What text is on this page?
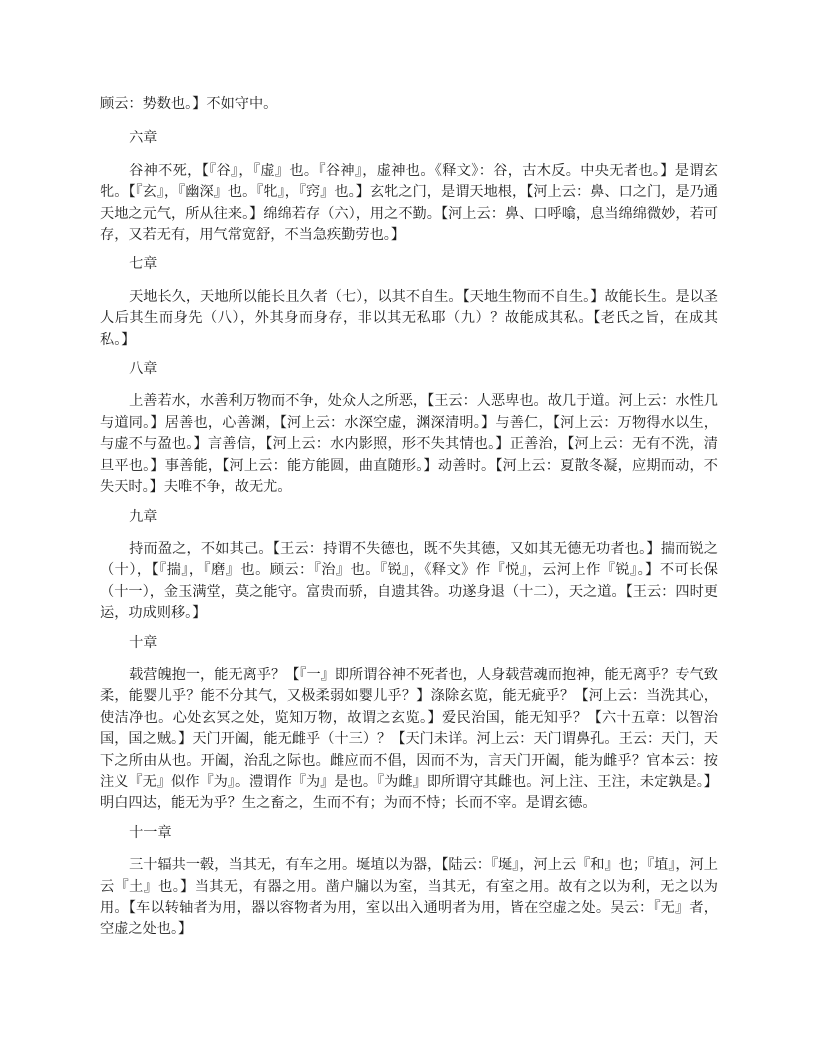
顾云：势数也。】不如守中。

六章

谷神不死，【『谷』，『虚』也。『谷神』，虚神也。《释文》：谷，古木反。中央无者也。】是谓玄牝。【『玄』，『幽深』也。『牝』，『窍』也。】玄牝之门，是谓天地根，【河上云：鼻、口之门，是乃通天地之元气，所从往来。】绵绵若存（六），用之不勤。【河上云：鼻、口呼噏，息当绵绵微妙，若可存，又若无有，用气常宽舒，不当急疾勤劳也。】

七章

天地长久，天地所以能长且久者（七），以其不自生。【天地生物而不自生。】故能长生。是以圣人后其生而身先（八），外其身而身存，非以其无私耶（九）？故能成其私。【老氏之旨，在成其私。】

八章

上善若水，水善利万物而不争，处众人之所恶，【王云：人恶卑也。故几于道。河上云：水性几与道同。】居善也，心善渊，【河上云：水深空虚，渊深清明。】与善仁，【河上云：万物得水以生，与虚不与盈也。】言善信，【河上云：水内影照，形不失其情也。】正善治，【河上云：无有不洗，清旦平也。】事善能，【河上云：能方能圆，曲直随形。】动善时。【河上云：夏散冬凝，应期而动，不失天时。】夫唯不争，故无尤。

九章

持而盈之，不如其己。【王云：持谓不失德也，既不失其德，又如其无德无功者也。】揣而锐之（十），【『揣』，『磨』也。顾云：『治』也。『锐』，《释文》作『悦』，云河上作『锐』。】不可长保（十一），金玉满堂，莫之能守。富贵而骄，自遗其咎。功遂身退（十二），天之道。【王云：四时更运，功成则移。】

十章

载营魄抱一，能无离乎？【『一』即所谓谷神不死者也，人身载营魂而抱神，能无离乎？专气致柔，能婴儿乎？能不分其气，又极柔弱如婴儿乎？】涤除玄览，能无疵乎？【河上云：当洗其心，使洁净也。心处玄冥之处，览知万物，故谓之玄览。】爱民治国，能无知乎？【六十五章：以智治国，国之贼。】天门开阖，能无雌乎（十三）？【天门未详。河上云：天门谓鼻孔。王云：天门，天下之所由从也。开阖，治乱之际也。雌应而不倡，因而不为，言天门开阖，能为雌乎？官本云：按注义『无』似作『为』。澧谓作『为』是也。『为雌』即所谓守其雌也。河上注、王注，未定孰是。】明白四达，能无为乎？生之畜之，生而不有；为而不恃；长而不宰。是谓玄德。

十一章

三十辐共一毂，当其无，有车之用。埏埴以为器，【陆云：『埏』，河上云『和』也；『埴』，河上云『土』也。】当其无，有器之用。凿户牖以为室，当其无，有室之用。故有之以为利，无之以为用。【车以转轴者为用，器以容物者为用，室以出入通明者为用，皆在空虚之处。吴云：『无』者，空虚之处也。】
